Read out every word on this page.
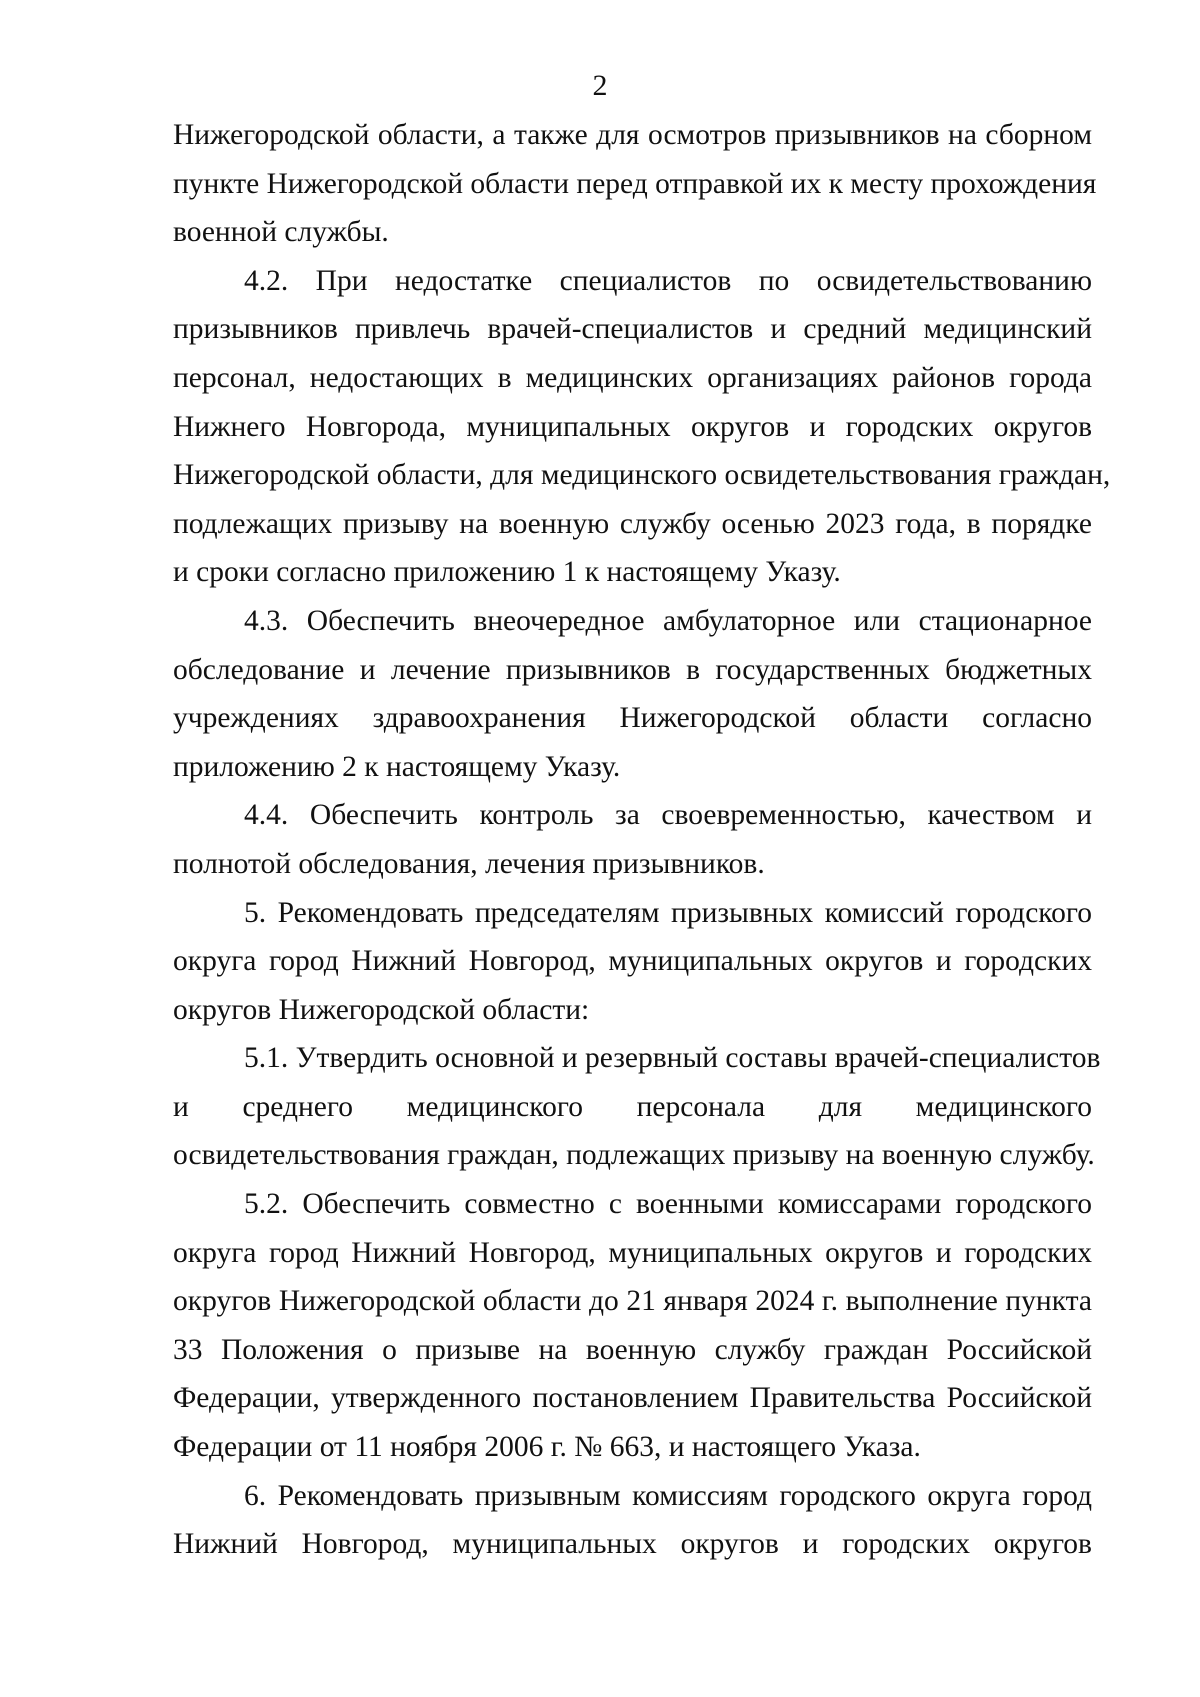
2
Нижегородской области, а также для осмотров призывников на сборном
пункте Нижегородской области перед отправкой их к месту прохождения
военной службы.
4.2. При недостатке специалистов по освидетельствованию
призывников привлечь врачей-специалистов и средний медицинский
персонал, недостающих в медицинских организациях районов города
Нижнего Новгорода, муниципальных округов и городских округов
Нижегородской области, для медицинского освидетельствования граждан,
подлежащих призыву на военную службу осенью 2023 года, в порядке
и сроки согласно приложению 1 к настоящему Указу.
4.3. Обеспечить внеочередное амбулаторное или стационарное
обследование и лечение призывников в государственных бюджетных
учреждениях здравоохранения Нижегородской области согласно
приложению 2 к настоящему Указу.
4.4. Обеспечить контроль за своевременностью, качеством и
полнотой обследования, лечения призывников.
5. Рекомендовать председателям призывных комиссий городского
округа город Нижний Новгород, муниципальных округов и городских
округов Нижегородской области:
5.1. Утвердить основной и резервный составы врачей-специалистов
и среднего медицинского персонала для медицинского
освидетельствования граждан, подлежащих призыву на военную службу.
5.2. Обеспечить совместно с военными комиссарами городского
округа город Нижний Новгород, муниципальных округов и городских
округов Нижегородской области до 21 января 2024 г. выполнение пункта
33 Положения о призыве на военную службу граждан Российской
Федерации, утвержденного постановлением Правительства Российской
Федерации от 11 ноября 2006 г. № 663, и настоящего Указа.
6. Рекомендовать призывным комиссиям городского округа город
Нижний Новгород, муниципальных округов и городских округов
